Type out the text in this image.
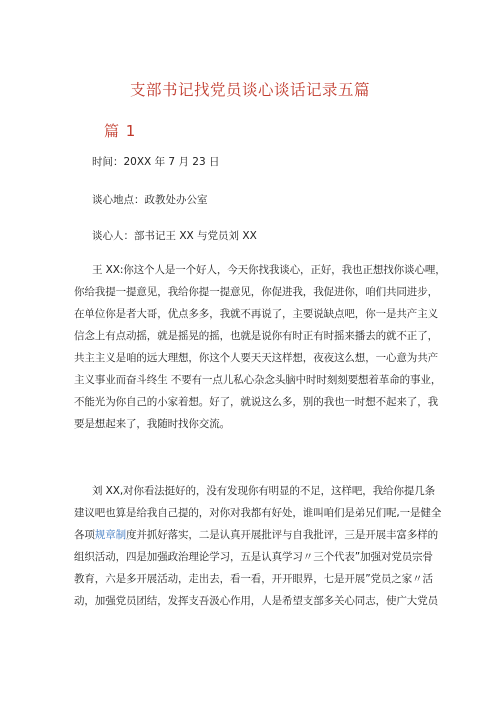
支部书记找党员谈心谈话记录五篇
篇 1
时间：20XX 年 7 月 23 日
谈心地点：政教处办公室
谈心人：部书记王 XX 与党员刘 XX
王 XX:你这个人是一个好人，今天你找我谈心，正好，我也正想找你谈心哩，
你给我提一提意见，我给你提一提意见，你促进我，我促进你，咱们共同进步，
在单位你是者大哥，优点多多，我就不再说了，主要说缺点吧，你一是共产主义
信念上有点动摇，就是摇晃的摇，也就是说你有时正有时摇来播去的就不正了，
共主主义是咱的远大理想，你这个人要天天这样想，夜夜这么想，一心意为共产
主义事业而奋斗终生 不要有一点儿私心杂念头脑中时时刻刻要想着革命的事业，
不能光为你自己的小家着想。好了，就说这么多，别的我也一时想不起来了，我
要是想起来了，我随时找你交流。
刘 XX,对你看法挺好的，没有发现你有明显的不足，这样吧，我给你提几条
建议吧也算是给我自己提的，对你对我都有好处，谁叫咱们是弟兄们呢,一是健全
各项规章制度并抓好落实，二是认真开展批评与自我批评，三是开展丰富多样的
组织活动，四是加强政治理论学习，五是认真学习〃三个代表”加强对党员宗骨
教育，六是多开展活动，走出去，看一看，开开眼界，七是开展”党员之家〃活
动，加强党员团结，发挥支吾汲心作用，人是希望支部多关心同志，使广大党员
